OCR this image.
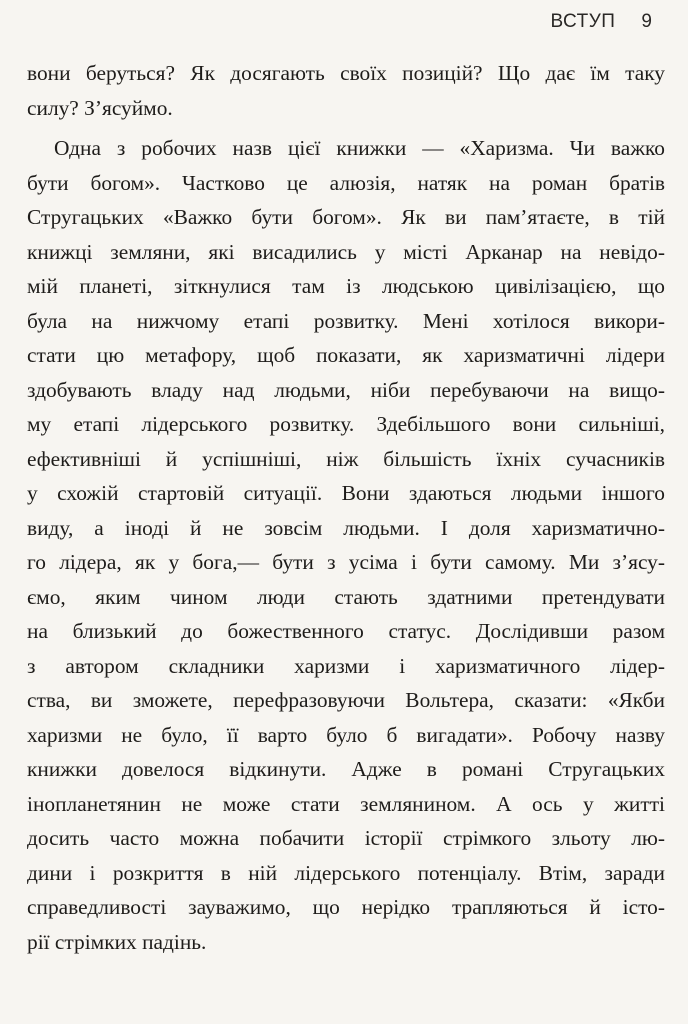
ВСТУП 9
вони беруться? Як досягають своїх позицій? Що дає їм таку
силу? З’ясуймо.
Одна з робочих назв цієї книжки — «Харизма. Чи важко
бути богом». Частково це алюзія, натяк на роман братів
Стругацьких «Важко бути богом». Як ви пам’ятаєте, в тій
книжці земляни, які висадились у місті Арканар на невідо-
мій планеті, зіткнулися там із людською цивілізацією, що
була на нижчому етапі розвитку. Мені хотілося викори-
стати цю метафору, щоб показати, як харизматичні лідери
здобувають владу над людьми, ніби перебуваючи на вищо-
му етапі лідерського розвитку. Здебільшого вони сильніші,
ефективніші й успішніші, ніж більшість їхніх сучасників
у схожій стартовій ситуації. Вони здаються людьми іншого
виду, а іноді й не зовсім людьми. І доля харизматично-
го лідера, як у бога,— бути з усіма і бути самому. Ми з’ясу-
ємо, яким чином люди стають здатними претендувати
на близький до божественного статус. Дослідивши разом
з автором складники харизми і харизматичного лідер-
ства, ви зможете, перефразовуючи Вольтера, сказати: «Якби
харизми не було, її варто було б вигадати». Робочу назву
книжки довелося відкинути. Адже в романі Стругацьких
інопланетянин не може стати землянином. А ось у житті
досить часто можна побачити історії стрімкого зльоту лю-
дини і розкриття в ній лідерського потенціалу. Втім, заради
справедливості зауважимо, що нерідко трапляються й істо-
рії стрімких падінь.
